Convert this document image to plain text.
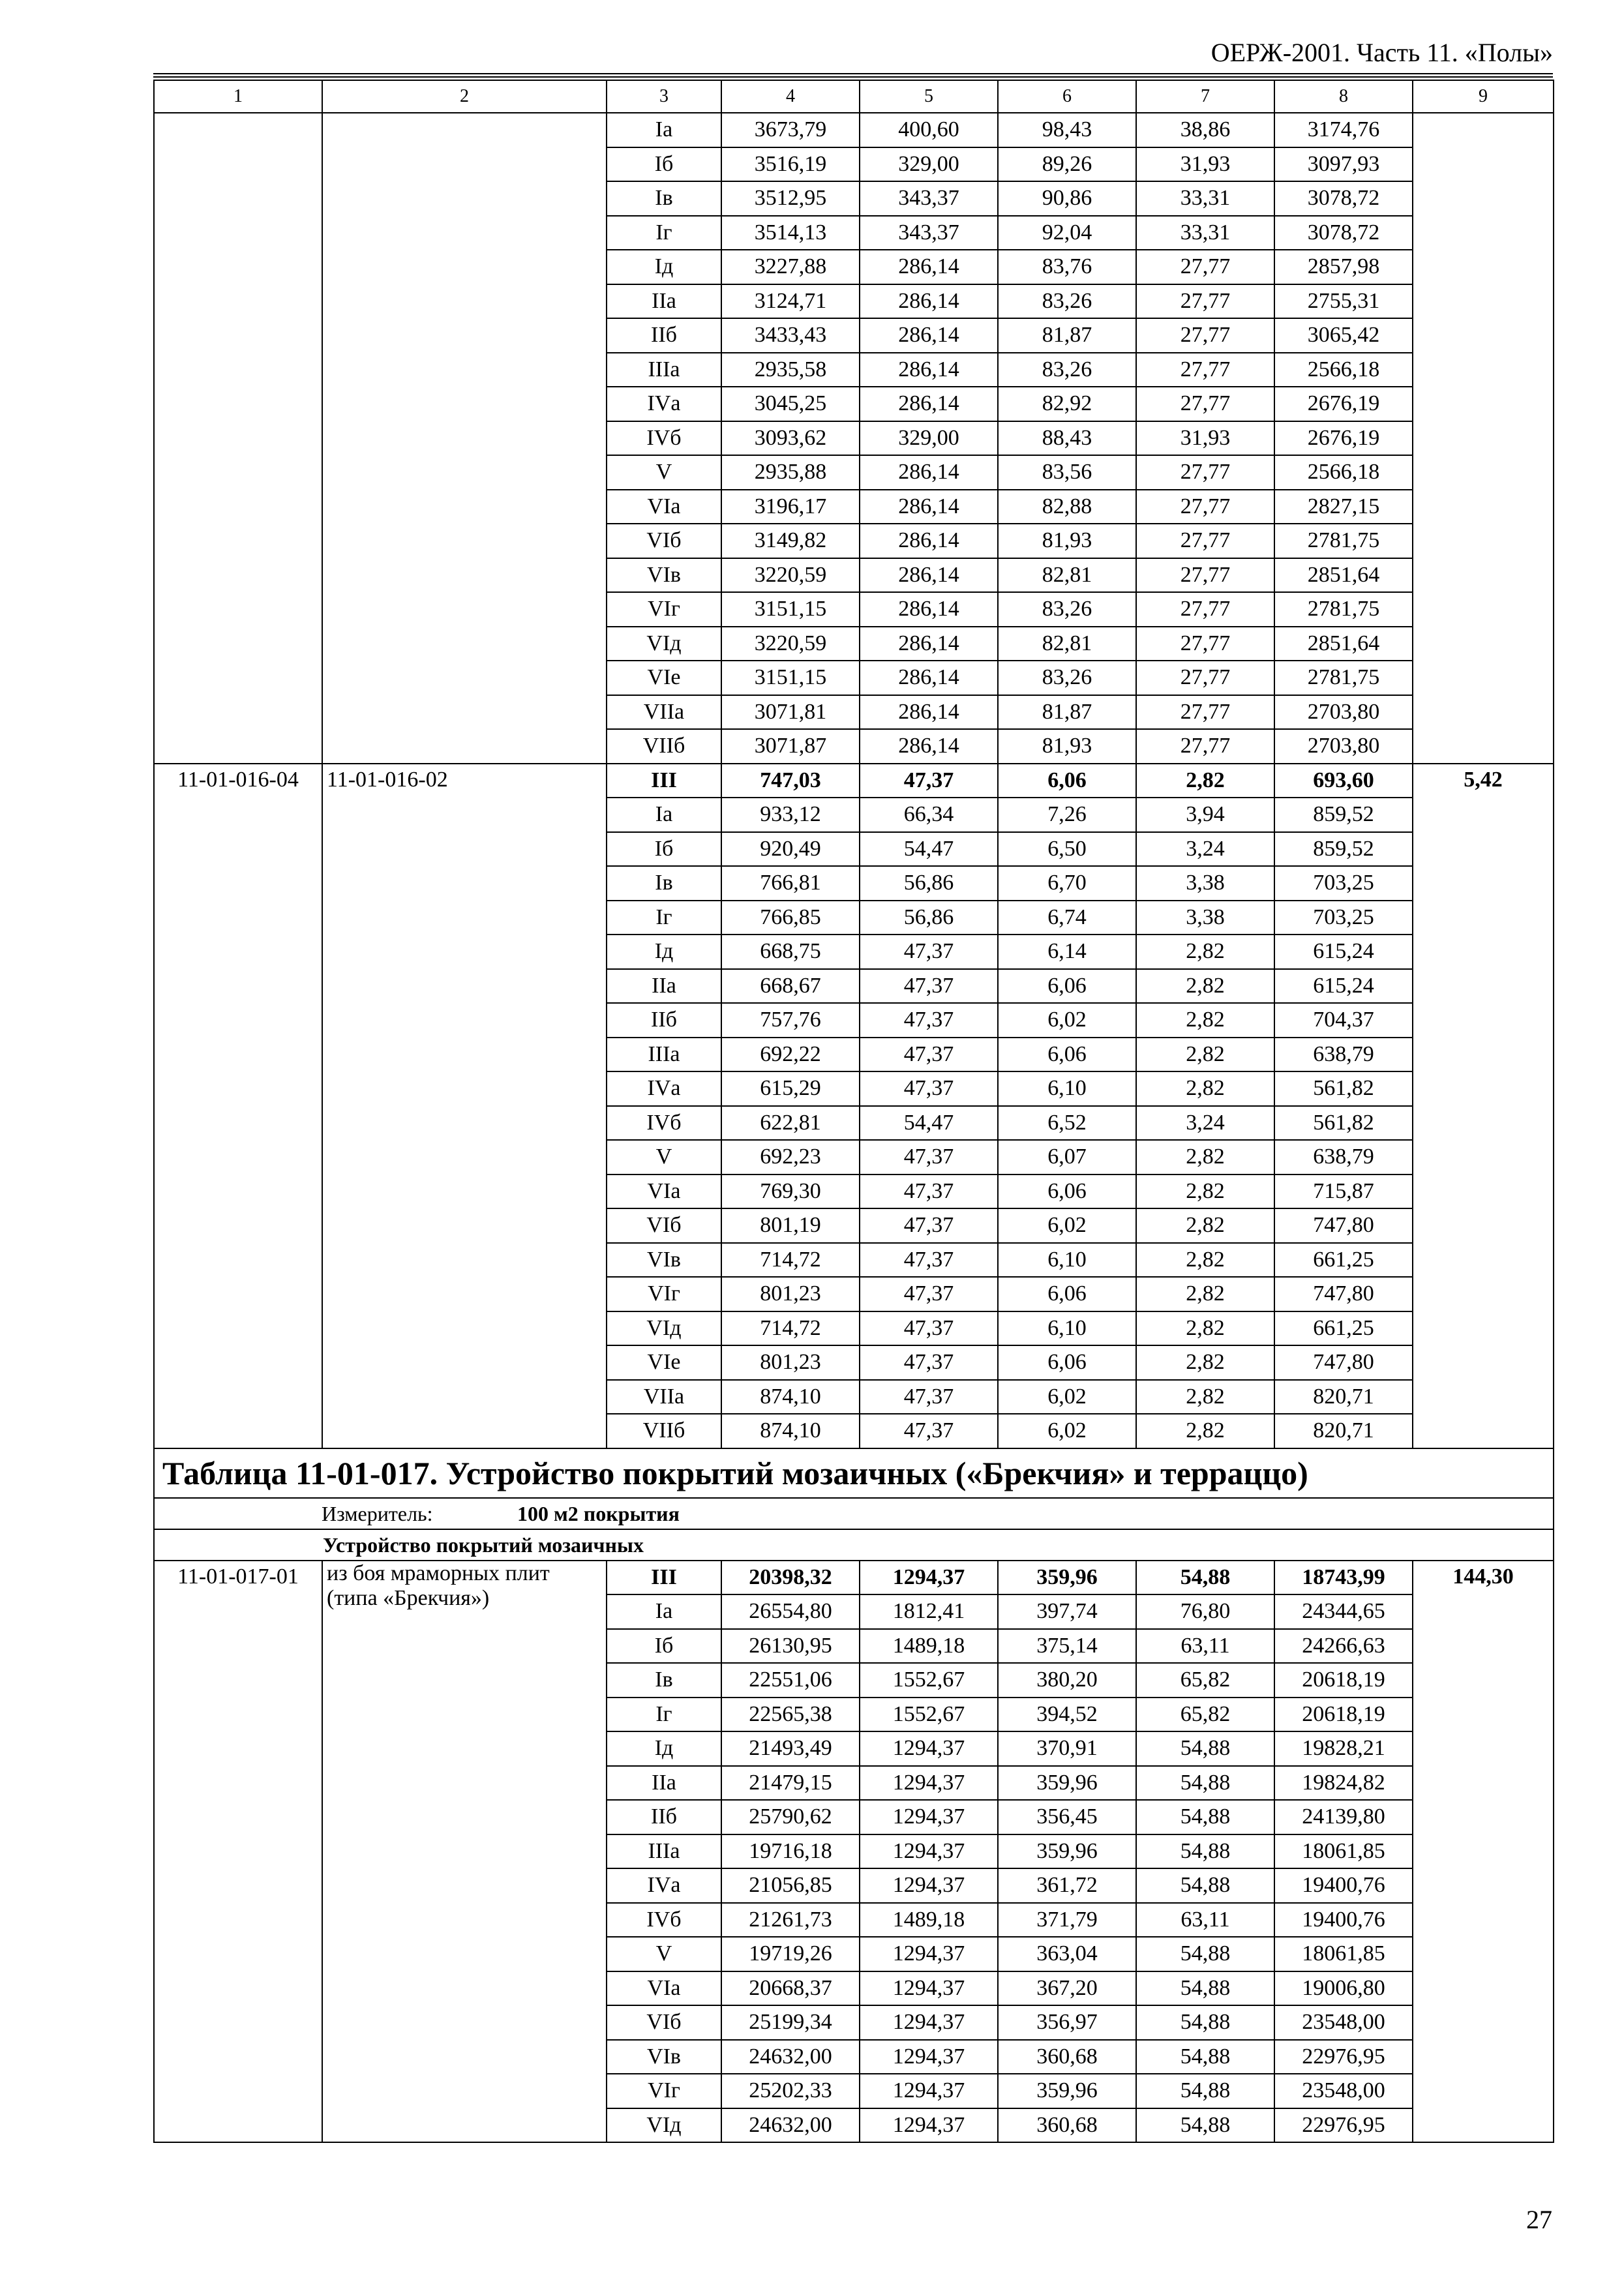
ОЕРЖ-2001. Часть 11. «Полы»
1	2	3	4	5	6	7	8	9
		Iа	3673,79	400,60	98,43	38,86	3174,76	
		Iб	3516,19	329,00	89,26	31,93	3097,93	
		Iв	3512,95	343,37	90,86	33,31	3078,72	
		Iг	3514,13	343,37	92,04	33,31	3078,72	
		Iд	3227,88	286,14	83,76	27,77	2857,98	
		IIа	3124,71	286,14	83,26	27,77	2755,31	
		IIб	3433,43	286,14	81,87	27,77	3065,42	
		IIIа	2935,58	286,14	83,26	27,77	2566,18	
		IVа	3045,25	286,14	82,92	27,77	2676,19	
		IVб	3093,62	329,00	88,43	31,93	2676,19	
		V	2935,88	286,14	83,56	27,77	2566,18	
		VIа	3196,17	286,14	82,88	27,77	2827,15	
		VIб	3149,82	286,14	81,93	27,77	2781,75	
		VIв	3220,59	286,14	82,81	27,77	2851,64	
		VIг	3151,15	286,14	83,26	27,77	2781,75	
		VIд	3220,59	286,14	82,81	27,77	2851,64	
		VIе	3151,15	286,14	83,26	27,77	2781,75	
		VIIа	3071,81	286,14	81,87	27,77	2703,80	
		VIIб	3071,87	286,14	81,93	27,77	2703,80	
11-01-016-04	11-01-016-02	III	747,03	47,37	6,06	2,82	693,60	5,42
		Iа	933,12	66,34	7,26	3,94	859,52	
		Iб	920,49	54,47	6,50	3,24	859,52	
		Iв	766,81	56,86	6,70	3,38	703,25	
		Iг	766,85	56,86	6,74	3,38	703,25	
		Iд	668,75	47,37	6,14	2,82	615,24	
		IIа	668,67	47,37	6,06	2,82	615,24	
		IIб	757,76	47,37	6,02	2,82	704,37	
		IIIа	692,22	47,37	6,06	2,82	638,79	
		IVа	615,29	47,37	6,10	2,82	561,82	
		IVб	622,81	54,47	6,52	3,24	561,82	
		V	692,23	47,37	6,07	2,82	638,79	
		VIа	769,30	47,37	6,06	2,82	715,87	
		VIб	801,19	47,37	6,02	2,82	747,80	
		VIв	714,72	47,37	6,10	2,82	661,25	
		VIг	801,23	47,37	6,06	2,82	747,80	
		VIд	714,72	47,37	6,10	2,82	661,25	
		VIе	801,23	47,37	6,06	2,82	747,80	
		VIIа	874,10	47,37	6,02	2,82	820,71	
		VIIб	874,10	47,37	6,02	2,82	820,71	
Таблица 11-01-017. Устройство покрытий мозаичных («Брекчия» и терраццо)								
Измеритель: 100 м2 покрытия								
Устройство покрытий мозаичных								
11-01-017-01	из боя мраморных плит (типа «Брекчия»)	III	20398,32	1294,37	359,96	54,88	18743,99	144,30
		Iа	26554,80	1812,41	397,74	76,80	24344,65	
		Iб	26130,95	1489,18	375,14	63,11	24266,63	
		Iв	22551,06	1552,67	380,20	65,82	20618,19	
		Iг	22565,38	1552,67	394,52	65,82	20618,19	
		Iд	21493,49	1294,37	370,91	54,88	19828,21	
		IIа	21479,15	1294,37	359,96	54,88	19824,82	
		IIб	25790,62	1294,37	356,45	54,88	24139,80	
		IIIа	19716,18	1294,37	359,96	54,88	18061,85	
		IVа	21056,85	1294,37	361,72	54,88	19400,76	
		IVб	21261,73	1489,18	371,79	63,11	19400,76	
		V	19719,26	1294,37	363,04	54,88	18061,85	
		VIа	20668,37	1294,37	367,20	54,88	19006,80	
		VIб	25199,34	1294,37	356,97	54,88	23548,00	
		VIв	24632,00	1294,37	360,68	54,88	22976,95	
		VIг	25202,33	1294,37	359,96	54,88	23548,00	
		VIд	24632,00	1294,37	360,68	54,88	22976,95	
27
